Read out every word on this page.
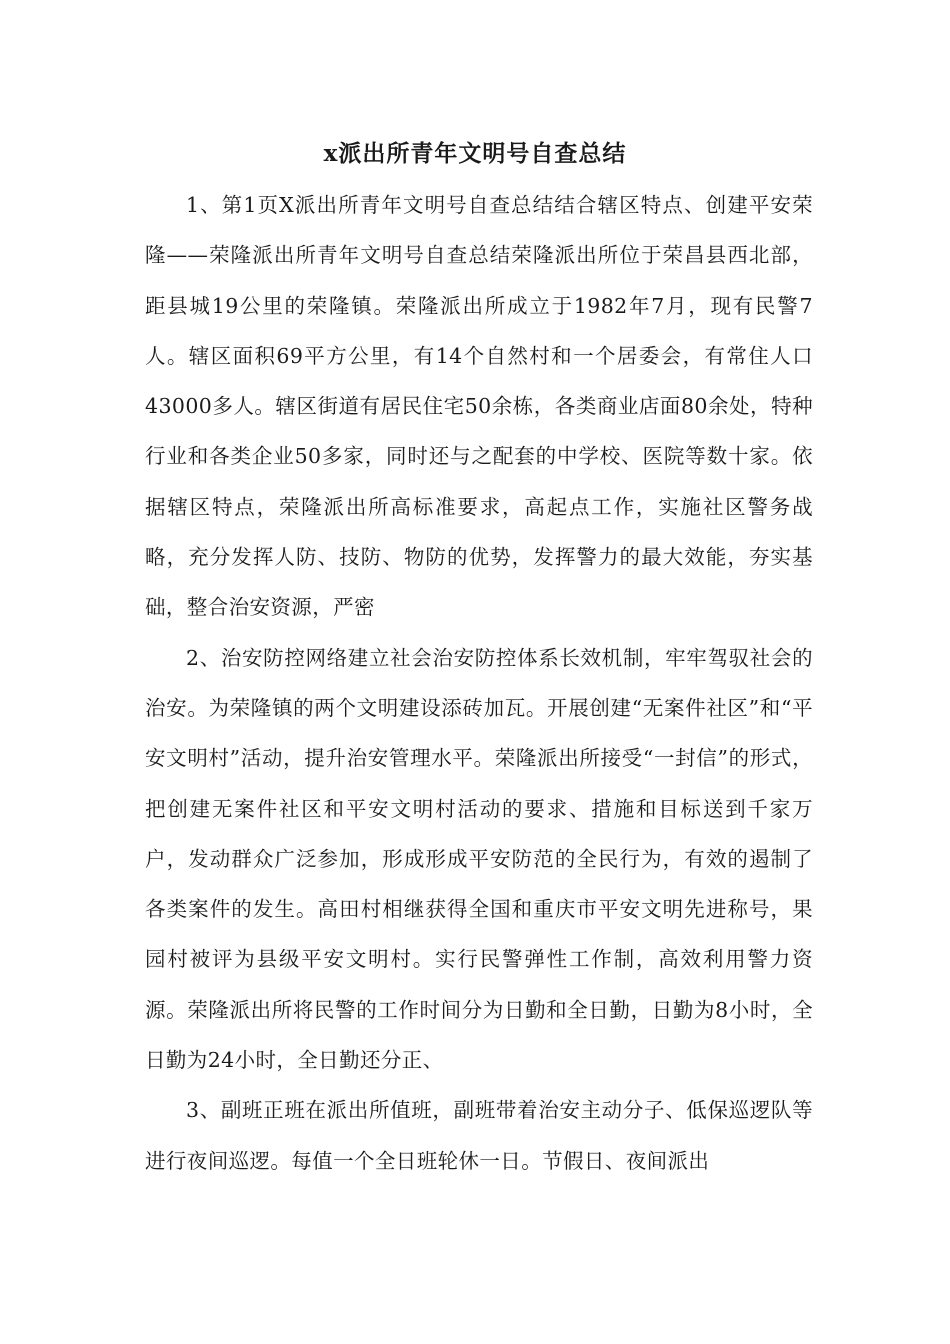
x派出所青年文明号自查总结

1、第1页X派出所青年文明号自查总结结合辖区特点、创建平安荣隆——荣隆派出所青年文明号自查总结荣隆派出所位于荣昌县西北部，距县城19公里的荣隆镇。荣隆派出所成立于1982年7月，现有民警7人。辖区面积69平方公里，有14个自然村和一个居委会，有常住人口43000多人。辖区街道有居民住宅50余栋，各类商业店面80余处，特种行业和各类企业50多家，同时还与之配套的中学校、医院等数十家。依据辖区特点，荣隆派出所高标准要求，高起点工作，实施社区警务战略，充分发挥人防、技防、物防的优势，发挥警力的最大效能，夯实基础，整合治安资源，严密

2、治安防控网络建立社会治安防控体系长效机制，牢牢驾驭社会的治安。为荣隆镇的两个文明建设添砖加瓦。开展创建“无案件社区”和“平安文明村”活动，提升治安管理水平。荣隆派出所接受“一封信”的形式，把创建无案件社区和平安文明村活动的要求、措施和目标送到千家万户，发动群众广泛参加，形成形成平安防范的全民行为，有效的遏制了各类案件的发生。高田村相继获得全国和重庆市平安文明先进称号，果园村被评为县级平安文明村。实行民警弹性工作制，高效利用警力资源。荣隆派出所将民警的工作时间分为日勤和全日勤，日勤为8小时，全日勤为24小时，全日勤还分正、

3、副班正班在派出所值班，副班带着治安主动分子、低保巡逻队等进行夜间巡逻。每值一个全日班轮休一日。节假日、夜间派出
